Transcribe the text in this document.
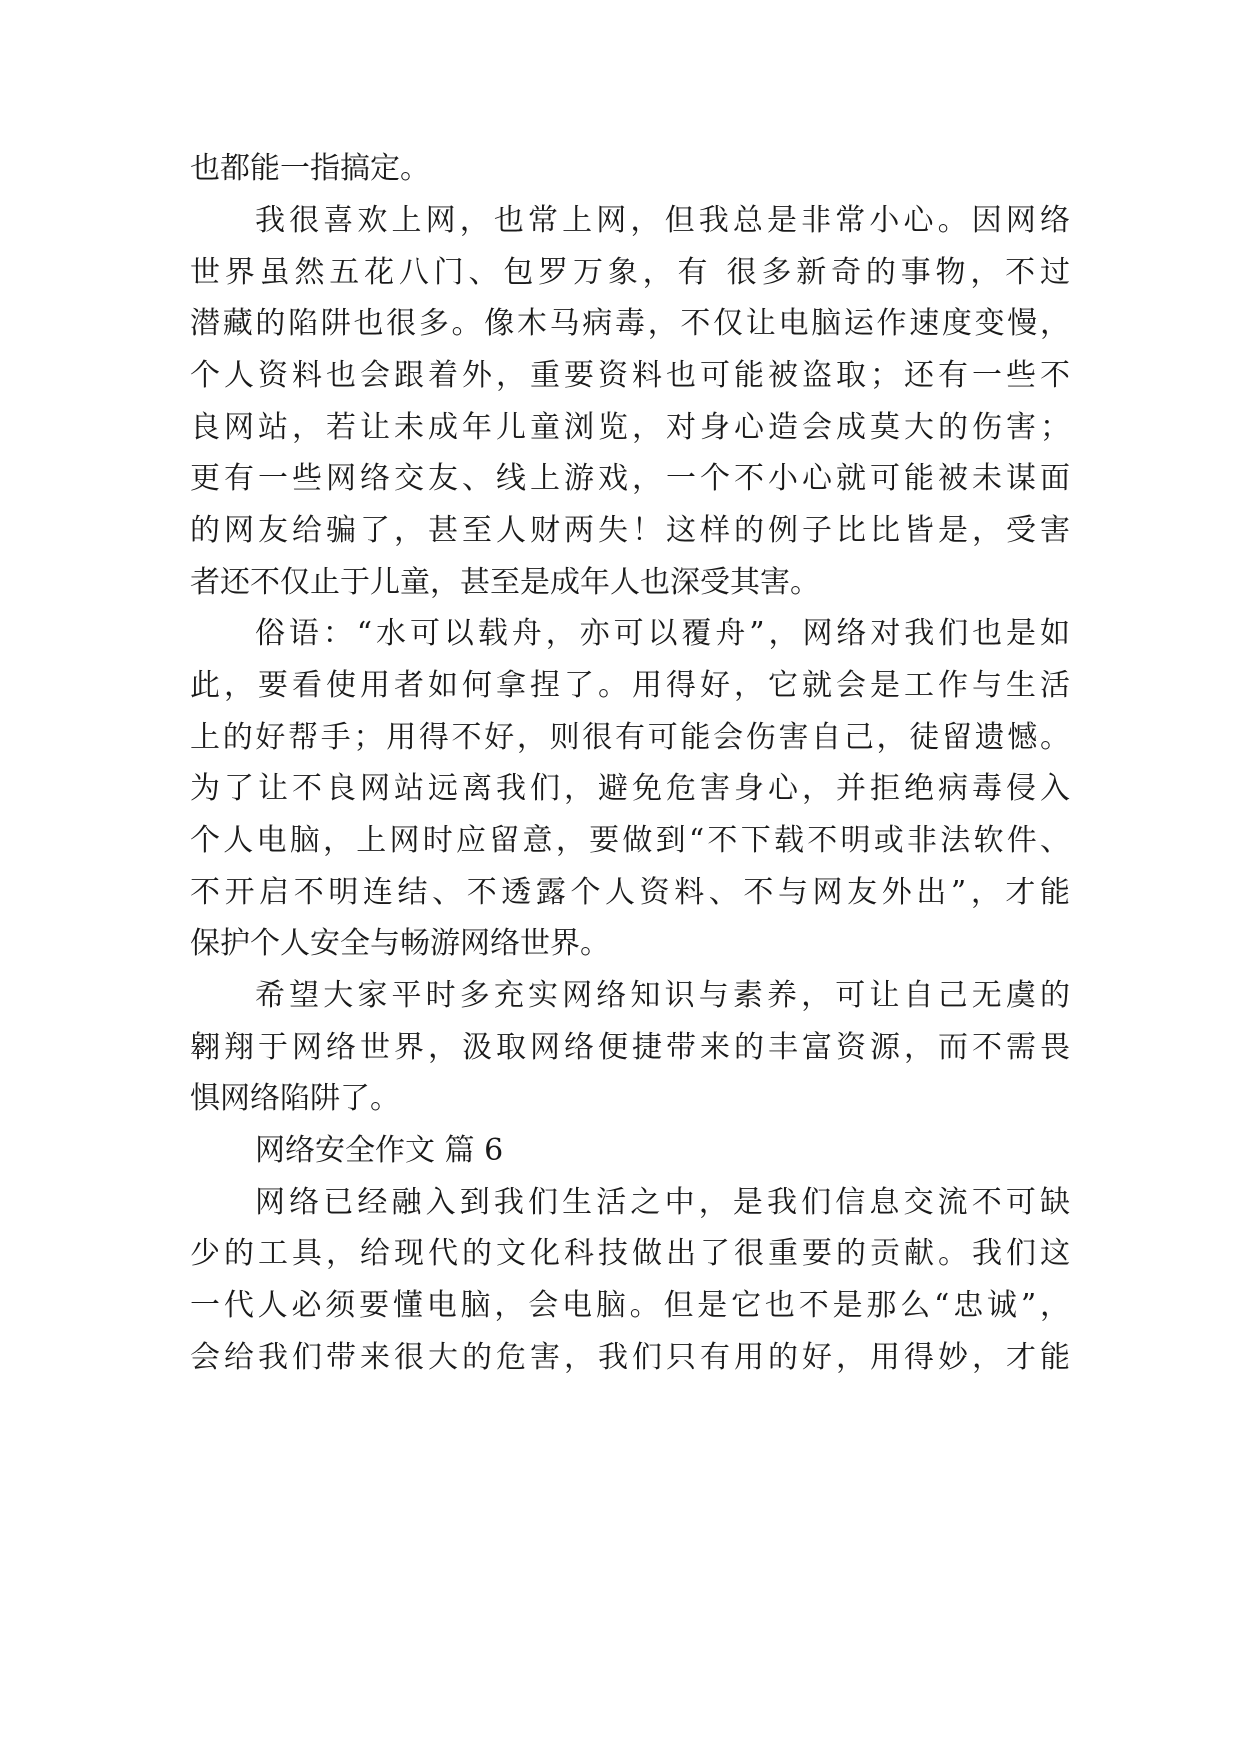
也都能一指搞定。
我很喜欢上网，也常上网，但我总是非常小心。因网络
世界虽然五花八门、包罗万象，有 很多新奇的事物，不过
潜藏的陷阱也很多。像木马病毒，不仅让电脑运作速度变慢，
个人资料也会跟着外，重要资料也可能被盗取；还有一些不
良网站，若让未成年儿童浏览，对身心造会成莫大的伤害；
更有一些网络交友、线上游戏，一个不小心就可能被未谋面
的网友给骗了，甚至人财两失！这样的例子比比皆是，受害
者还不仅止于儿童，甚至是成年人也深受其害。
俗语：“水可以载舟，亦可以覆舟”，网络对我们也是如
此，要看使用者如何拿捏了。用得好，它就会是工作与生活
上的好帮手；用得不好，则很有可能会伤害自己，徒留遗憾。
为了让不良网站远离我们，避免危害身心，并拒绝病毒侵入
个人电脑，上网时应留意，要做到“不下载不明或非法软件、
不开启不明连结、不透露个人资料、不与网友外出”，才能
保护个人安全与畅游网络世界。
希望大家平时多充实网络知识与素养，可让自己无虞的
翱翔于网络世界，汲取网络便捷带来的丰富资源，而不需畏
惧网络陷阱了。
网络安全作文 篇 6
网络已经融入到我们生活之中，是我们信息交流不可缺
少的工具，给现代的文化科技做出了很重要的贡献。我们这
一代人必须要懂电脑，会电脑。但是它也不是那么“忠诚”，
会给我们带来很大的危害，我们只有用的好，用得妙，才能
